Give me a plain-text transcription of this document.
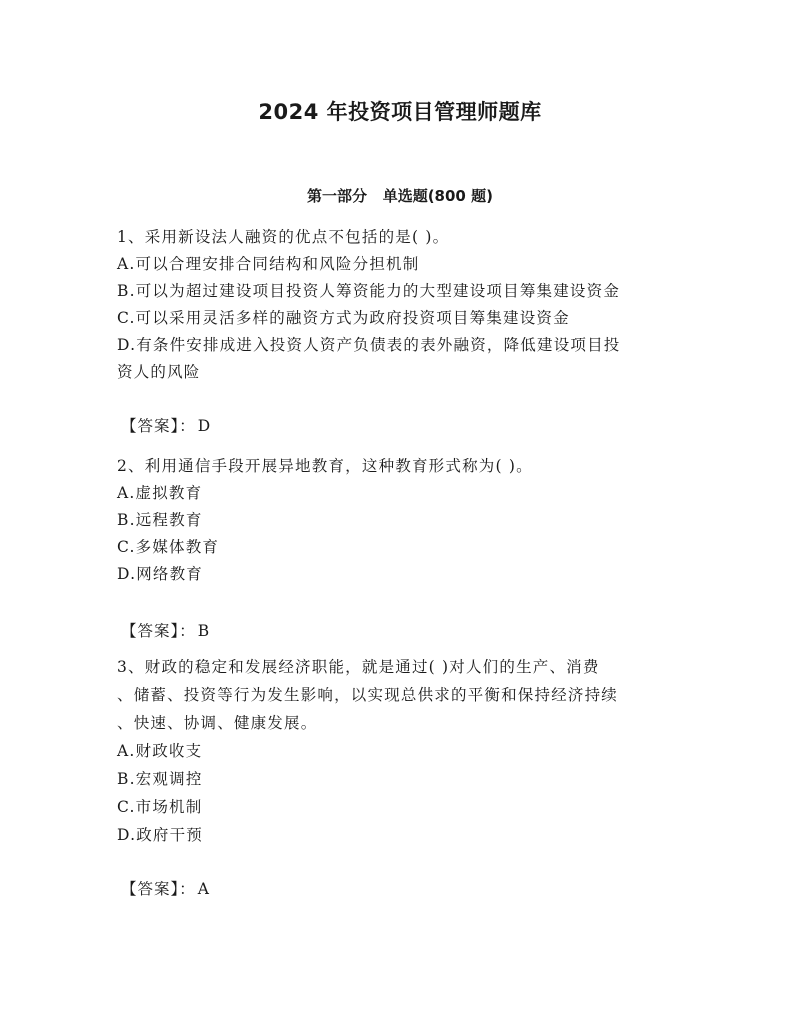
2024 年投资项目管理师题库
第一部分   单选题(800 题)
1、采用新设法人融资的优点不包括的是( )。
A.可以合理安排合同结构和风险分担机制
B.可以为超过建设项目投资人筹资能力的大型建设项目筹集建设资金
C.可以采用灵活多样的融资方式为政府投资项目筹集建设资金
D.有条件安排成进入投资人资产负债表的表外融资，降低建设项目投
资人的风险
【答案】： D
2、利用通信手段开展异地教育，这种教育形式称为( )。
A.虚拟教育
B.远程教育
C.多媒体教育
D.网络教育
【答案】： B
3、财政的稳定和发展经济职能，就是通过( )对人们的生产、消费
、储蓄、投资等行为发生影响，以实现总供求的平衡和保持经济持续
、快速、协调、健康发展。
A.财政收支
B.宏观调控
C.市场机制
D.政府干预
【答案】： A
